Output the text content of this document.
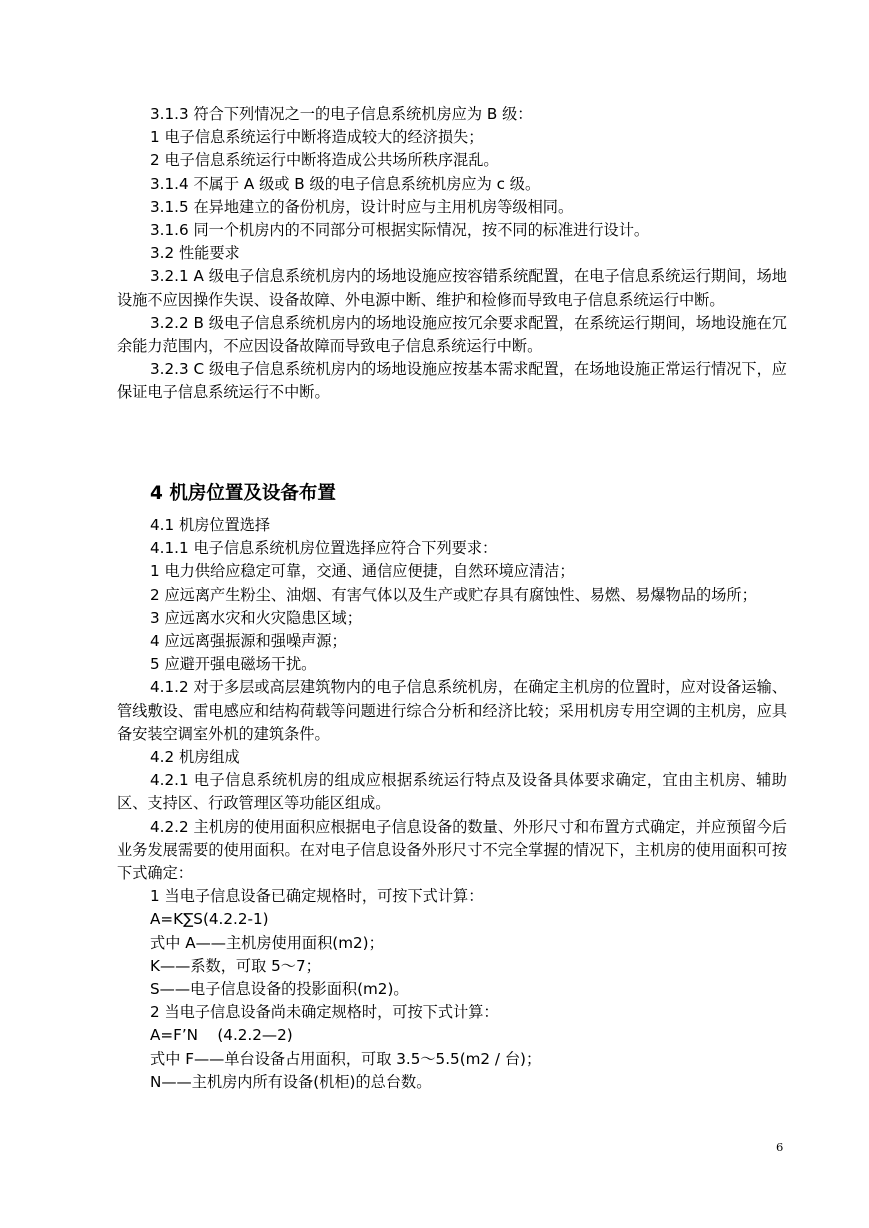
3.1.3 符合下列情况之一的电子信息系统机房应为 B 级：

1 电子信息系统运行中断将造成较大的经济损失；

2 电子信息系统运行中断将造成公共场所秩序混乱。

3.1.4 不属于 A 级或 B 级的电子信息系统机房应为 c 级。

3.1.5 在异地建立的备份机房，设计时应与主用机房等级相同。

3.1.6 同一个机房内的不同部分可根据实际情况，按不同的标准进行设计。

3.2 性能要求

3.2.1 A 级电子信息系统机房内的场地设施应按容错系统配置，在电子信息系统运行期间，场地设施不应因操作失误、设备故障、外电源中断、维护和检修而导致电子信息系统运行中断。

3.2.2 B 级电子信息系统机房内的场地设施应按冗余要求配置，在系统运行期间，场地设施在冗余能力范围内，不应因设备故障而导致电子信息系统运行中断。

3.2.3 C 级电子信息系统机房内的场地设施应按基本需求配置，在场地设施正常运行情况下，应保证电子信息系统运行不中断。

4 机房位置及设备布置

4.1 机房位置选择

4.1.1 电子信息系统机房位置选择应符合下列要求：

1 电力供给应稳定可靠，交通、通信应便捷，自然环境应清洁；

2 应远离产生粉尘、油烟、有害气体以及生产或贮存具有腐蚀性、易燃、易爆物品的场所；

3 应远离水灾和火灾隐患区域；

4 应远离强振源和强噪声源；

5 应避开强电磁场干扰。

4.1.2 对于多层或高层建筑物内的电子信息系统机房，在确定主机房的位置时，应对设备运输、管线敷设、雷电感应和结构荷载等问题进行综合分析和经济比较；采用机房专用空调的主机房，应具备安装空调室外机的建筑条件。

4.2 机房组成

4.2.1 电子信息系统机房的组成应根据系统运行特点及设备具体要求确定，宜由主机房、辅助区、支持区、行政管理区等功能区组成。

4.2.2 主机房的使用面积应根据电子信息设备的数量、外形尺寸和布置方式确定，并应预留今后业务发展需要的使用面积。在对电子信息设备外形尺寸不完全掌握的情况下，主机房的使用面积可按下式确定：

1 当电子信息设备已确定规格时，可按下式计算：

A=K∑S(4.2.2-1)

式中 A——主机房使用面积(m2)；

K——系数，可取 5～7；

S——电子信息设备的投影面积(m2)。

2 当电子信息设备尚未确定规格时，可按下式计算：

A=F’N    (4.2.2—2)

式中 F——单台设备占用面积，可取 3.5～5.5(m2 / 台)；

N——主机房内所有设备(机柜)的总台数。

6
